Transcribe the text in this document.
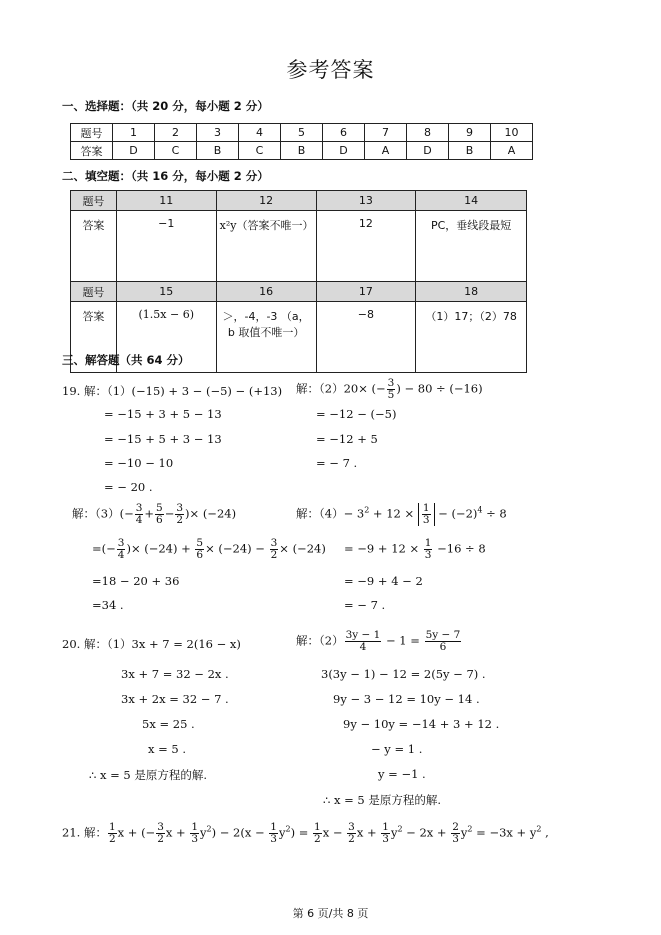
参考答案
一、选择题：（共 20 分，每小题 2 分）
题号	1	2	3	4	5	6	7	8	9	10
答案	D	C	B	C	B	D	A	D	B	A
二、填空题：（共 16 分，每小题 2 分）
题号	11	12	13	14
答案	−1	x²y（答案不唯一）	12	PC，垂线段最短
题号	15	16	17	18
答案	(1.5x − 6)	＞，-4，-3 （a，b 取值不唯一）	−8	（1）17；（2）78
三、解答题（共 64 分）
19. 解：（1）(−15) + 3 − (−5) − (+13)
= −15 + 3 + 5 − 13
= −15 + 5 + 3 − 13
= −10 − 10
= − 20 .
解：（2）20× (− $\frac{3}{5}$ ) − 80 ÷ (−16)
= −12 − (−5)
= −12 + 5
= − 7 .
解：$(3)(- \frac{3}{4} + \frac{5}{6} - \frac{3}{2}$ )× (−24)
=(− $\frac{3}{4}$ )× $(-24) + \frac{5}{6} \times (-24) - \frac{3}{2} \times (-24)$
=18 − 20 + 36
=34 .
解：$(4)- 3^2 + 12 \times \frac{1}{3} - (-2)^4 \div 8$
= $-9 + 12 \times \frac{1}{3} -16 \div 8$
= −9 + 4 − 2
= − 7 .
20. 解：（1）3x + 7 = 2(16 − x)
3x + 7 = 32 − 2x .
3x + 2x = 32 − 7 .
5x = 25 .
x = 5 .
∴ x = 5 是原方程的解.
解：$(2) \frac{3y - 1}{4} - 1 = \frac{5y - 7}{6}$
3(3y − 1) − 12 = 2(5y − 7) .
9y − 3 − 12 = 10y − 14 .
9y − 10y = −14 + 3 + 12 .
− y = 1 .
y = −1 .
∴ x = 5 是原方程的解.
21. 解： $\frac{1}{2}$ x + (− $\frac{3}{2}$ $x + \frac{1}{3} y^2) - 2(x - \frac{1}{3} y^2) = \frac{1}{2}$ $x - \frac{3}{2}$ $x + \frac{1}{3} y^2 - 2x + \frac{2}{3} y^2 = -3x + y^2$ ,
第 6 页/共 8 页
